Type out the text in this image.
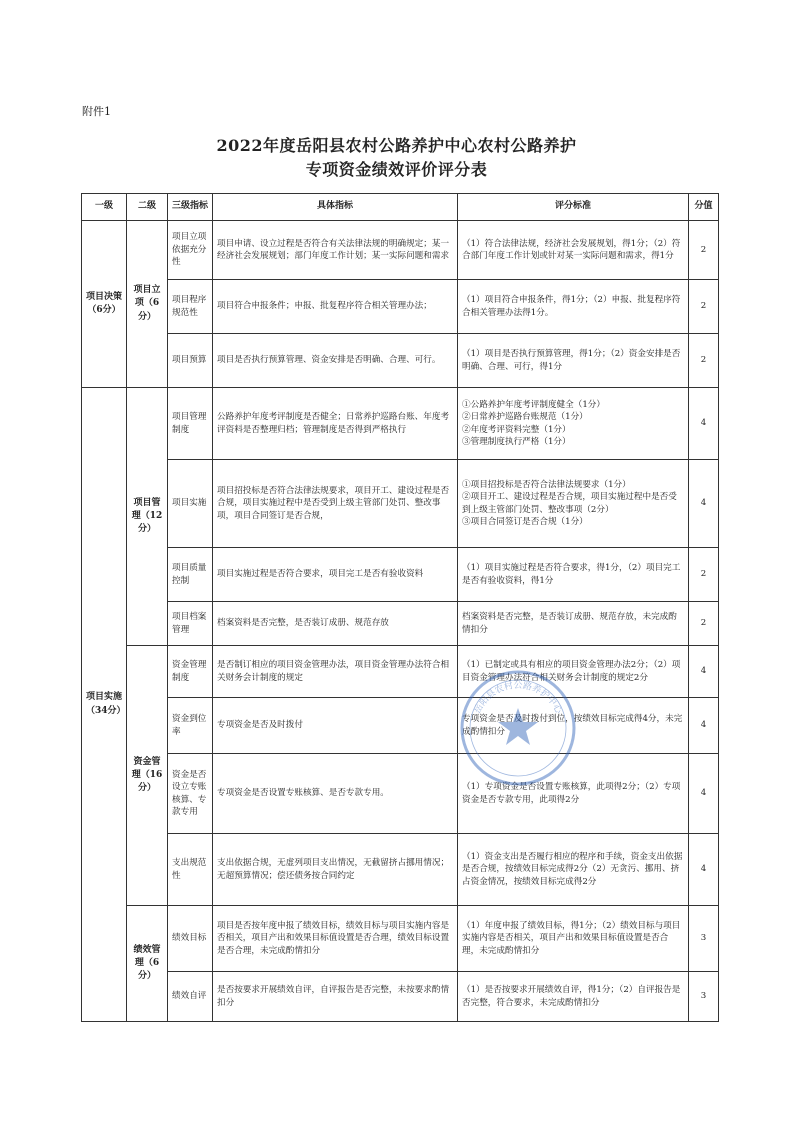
附件1
2022年度岳阳县农村公路养护中心农村公路养护
专项资金绩效评价评分表
一级	二级	三级指标	具体指标	评分标准	分值
项目决策（6分）	项目立项（6分）	项目立项依据充分性	项目申请、设立过程是否符合有关法律法规的明确规定；某一经济社会发展规划；部门年度工作计划；某一实际问题和需求	（1）符合法律法规，经济社会发展规划，得1分；（2）符合部门年度工作计划或针对某一实际问题和需求，得1分	2
		项目程序规范性	项目符合申报条件；申报、批复程序符合相关管理办法；	（1）项目符合申报条件，得1分；（2）申报、批复程序符合相关管理办法得1分。	2
		项目预算	项目是否执行预算管理、资金安排是否明确、合理、可行。	（1）项目是否执行预算管理，得1分；（2）资金安排是否明确、合理、可行，得1分	2
项目实施（34分）	项目管理（12分）	项目管理制度	公路养护年度考评制度是否健全；日常养护巡路台账、年度考评资料是否整理归档；管理制度是否得到严格执行	①公路养护年度考评制度健全（1分）
②日常养护巡路台账规范（1分）
②年度考评资料完整（1分）
③管理制度执行严格（1分）	4
		项目实施	项目招投标是否符合法律法规要求，项目开工、建设过程是否合规，项目实施过程中是否受到上级主管部门处罚、整改事项，项目合同签订是否合规，	①项目招投标是否符合法律法规要求（1分）
②项目开工、建设过程是否合规，项目实施过程中是否受到上级主管部门处罚、整改事项（2分）
③项目合同签订是否合规（1分）	4
		项目质量控制	项目实施过程是否符合要求，项目完工是否有验收资料	（1）项目实施过程是否符合要求，得1分，（2）项目完工是否有验收资料，得1分	2
		项目档案管理	档案资料是否完整，是否装订成册、规范存放	档案资料是否完整，是否装订成册、规范存放，未完成酌情扣分	2
	资金管理（16分）	资金管理制度	是否制订相应的项目资金管理办法，项目资金管理办法符合相关财务会计制度的规定	（1）已制定或具有相应的项目资金管理办法2分；（2）项目资金管理办法符合相关财务会计制度的规定2分	4
		资金到位率	专项资金是否及时拨付	专项资金是否及时拨付到位，按绩效目标完成得4分，未完成酌情扣分	4
		资金是否设立专账核算、专款专用	专项资金是否设置专账核算、是否专款专用。	（1）专项资金是否设置专账核算，此项得2分；（2）专项资金是否专款专用，此项得2分	4
		支出规范性	支出依据合规，无虚列项目支出情况，无截留挤占挪用情况；无超预算情况；偿还债务按合同约定	（1）资金支出是否履行相应的程序和手续，资金支出依据是否合规，按绩效目标完成得2分（2）无贪污、挪用、挤占资金情况，按绩效目标完成得2分	4
	绩效管理（6分）	绩效目标	项目是否按年度申报了绩效目标，绩效目标与项目实施内容是否相关，项目产出和效果目标值设置是否合理，绩效目标设置是否合理，未完成酌情扣分	（1）年度申报了绩效目标，得1分；（2）绩效目标与项目实施内容是否相关，项目产出和效果目标值设置是否合理，未完成酌情扣分	3
		绩效自评	是否按要求开展绩效自评，自评报告是否完整，未按要求酌情扣分	（1）是否按要求开展绩效自评，得1分；（2）自评报告是否完整，符合要求，未完成酌情扣分	3
岳阳县农村公路养护中心
